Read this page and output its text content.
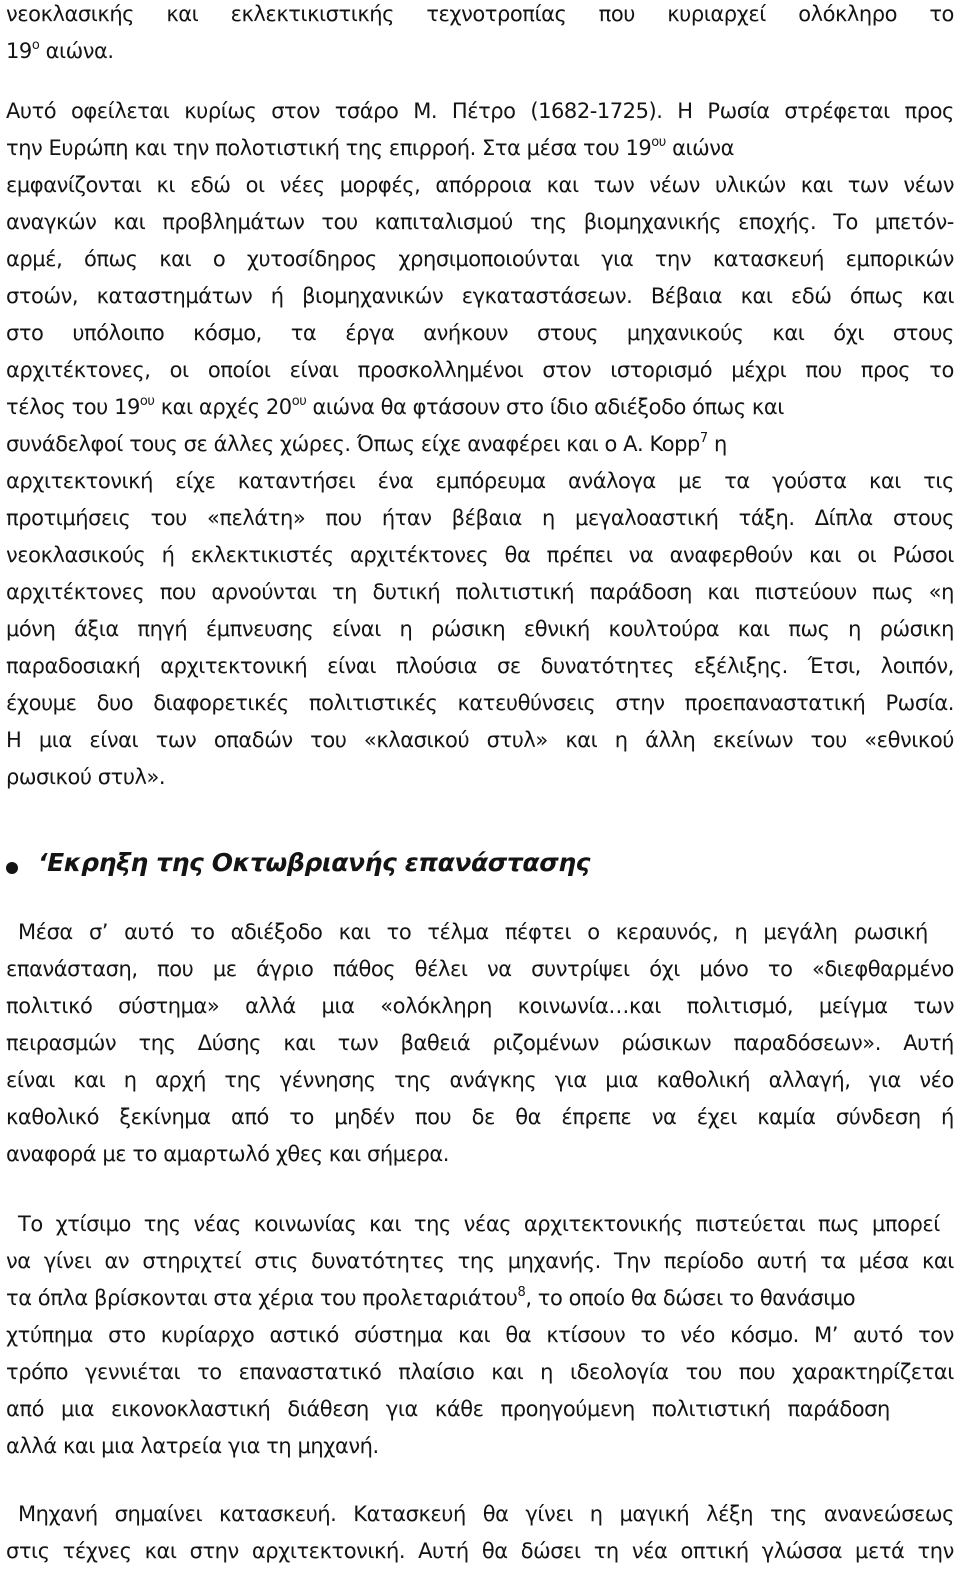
νεοκλασικής και εκλεκτικιστικής τεχνοτροπίας που κυριαρχεί ολόκληρο το
$19^o$ αιώνα.
Αυτό οφείλεται κυρίως στον τσάρο Μ. Πέτρο (1682-1725). Η Ρωσία στρέφεται προς
την Ευρώπη και την πολοτιστική της επιρροή. Στα μέσα του $19^{o\upsilon}$ αιώνα
εμφανίζονται κι εδώ οι νέες μορφές, απόρροια και των νέων υλικών και των νέων
αναγκών και προβλημάτων του καπιταλισμού της βιομηχανικής εποχής. Το μπετόν-
αρμέ, όπως και ο χυτοσίδηρος χρησιμοποιούνται για την κατασκευή εμπορικών
στοών, καταστημάτων ή βιομηχανικών εγκαταστάσεων. Βέβαια και εδώ όπως και
στο υπόλοιπο κόσμο, τα έργα ανήκουν στους μηχανικούς και όχι στους
αρχιτέκτονες, οι οποίοι είναι προσκολλημένοι στον ιστορισμό μέχρι που προς το
τέλος του $19^{o\upsilon}$ και αρχές $20^{o\upsilon}$ αιώνα θα φτάσουν στο ίδιο αδιέξοδο όπως και
συνάδελφοί τους σε άλλες χώρες. Όπως είχε αναφέρει και ο Α. Kopp$^7$ η
αρχιτεκτονική είχε καταντήσει ένα εμπόρευμα ανάλογα με τα γούστα και τις
προτιμήσεις του «πελάτη» που ήταν βέβαια η μεγαλοαστική τάξη. Δίπλα στους
νεοκλασικούς ή εκλεκτικιστές αρχιτέκτονες θα πρέπει να αναφερθούν και οι Ρώσοι
αρχιτέκτονες που αρνούνται τη δυτική πολιτιστική παράδοση και πιστεύουν πως «η
μόνη άξια πηγή έμπνευσης είναι η ρώσικη εθνική κουλτούρα και πως η ρώσικη
παραδοσιακή αρχιτεκτονική είναι πλούσια σε δυνατότητες εξέλιξης. Έτσι, λοιπόν,
έχουμε δυο διαφορετικές πολιτιστικές κατευθύνσεις στην προεπαναστατική Ρωσία.
Η μια είναι των οπαδών του «κλασικού στυλ» και η άλλη εκείνων του «εθνικού
ρωσικού στυλ».
‘Εκρηξη της Οκτωβριανής επανάστασης
Μέσα σ’ αυτό το αδιέξοδο και το τέλμα πέφτει ο κεραυνός, η μεγάλη ρωσική
επανάσταση, που με άγριο πάθος θέλει να συντρίψει όχι μόνο το «διεφθαρμένο
πολιτικό σύστημα» αλλά μια «ολόκληρη κοινωνία…και πολιτισμό, μείγμα των
πειρασμών της Δύσης και των βαθειά ριζομένων ρώσικων παραδόσεων». Αυτή
είναι και η αρχή της γέννησης της ανάγκης για μια καθολική αλλαγή, για νέο
καθολικό ξεκίνημα από το μηδέν που δε θα έπρεπε να έχει καμία σύνδεση ή
αναφορά με το αμαρτωλό χθες και σήμερα.
Το χτίσιμο της νέας κοινωνίας και της νέας αρχιτεκτονικής πιστεύεται πως μπορεί
να γίνει αν στηριχτεί στις δυνατότητες της μηχανής. Την περίοδο αυτή τα μέσα και
τα όπλα βρίσκονται στα χέρια του προλεταριάτου$^8$, το οποίο θα δώσει το θανάσιμο
χτύπημα στο κυρίαρχο αστικό σύστημα και θα κτίσουν το νέο κόσμο. Μ’ αυτό τον
τρόπο γεννιέται το επαναστατικό πλαίσιο και η ιδεολογία του που χαρακτηρίζεται
από μια εικονοκλαστική διάθεση για κάθε προηγούμενη πολιτιστική παράδοση
αλλά και μια λατρεία για τη μηχανή.
Μηχανή σημαίνει κατασκευή. Κατασκευή θα γίνει η μαγική λέξη της ανανεώσεως
στις τέχνες και στην αρχιτεκτονική. Αυτή θα δώσει τη νέα οπτική γλώσσα μετά την
